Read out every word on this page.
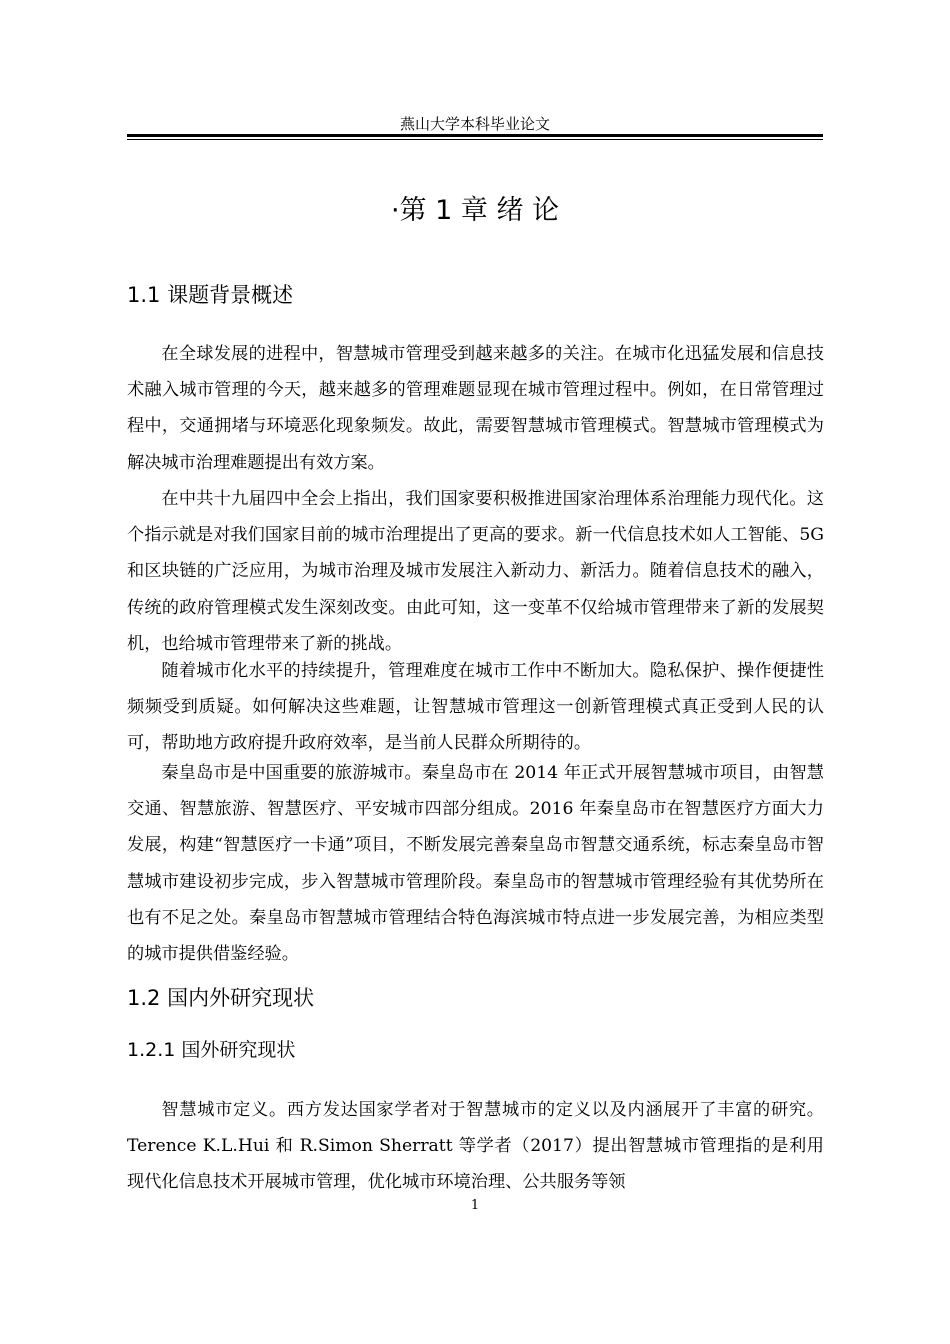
燕山大学本科毕业论文
·第 1 章 绪 论
1.1 课题背景概述

在全球发展的进程中，智慧城市管理受到越来越多的关注。在城市化迅猛发展和信息技术融入城市管理的今天，越来越多的管理难题显现在城市管理过程中。例如，在日常管理过程中，交通拥堵与环境恶化现象频发。故此，需要智慧城市管理模式。智慧城市管理模式为解决城市治理难题提出有效方案。

在中共十九届四中全会上指出，我们国家要积极推进国家治理体系治理能力现代化。这个指示就是对我们国家目前的城市治理提出了更高的要求。新一代信息技术如人工智能、5G 和区块链的广泛应用，为城市治理及城市发展注入新动力、新活力。随着信息技术的融入，传统的政府管理模式发生深刻改变。由此可知，这一变革不仅给城市管理带来了新的发展契机，也给城市管理带来了新的挑战。

随着城市化水平的持续提升，管理难度在城市工作中不断加大。隐私保护、操作便捷性频频受到质疑。如何解决这些难题，让智慧城市管理这一创新管理模式真正受到人民的认可，帮助地方政府提升政府效率，是当前人民群众所期待的。

秦皇岛市是中国重要的旅游城市。秦皇岛市在 2014 年正式开展智慧城市项目，由智慧交通、智慧旅游、智慧医疗、平安城市四部分组成。2016 年秦皇岛市在智慧医疗方面大力发展，构建“智慧医疗一卡通”项目，不断发展完善秦皇岛市智慧交通系统，标志秦皇岛市智慧城市建设初步完成，步入智慧城市管理阶段。秦皇岛市的智慧城市管理经验有其优势所在也有不足之处。秦皇岛市智慧城市管理结合特色海滨城市特点进一步发展完善，为相应类型的城市提供借鉴经验。

1.2 国内外研究现状
1.2.1 国外研究现状

智慧城市定义。西方发达国家学者对于智慧城市的定义以及内涵展开了丰富的研究。Terence K.L.Hui 和 R.Simon Sherratt 等学者（2017）提出智慧城市管理指的是利用现代化信息技术开展城市管理，优化城市环境治理、公共服务等领

1
